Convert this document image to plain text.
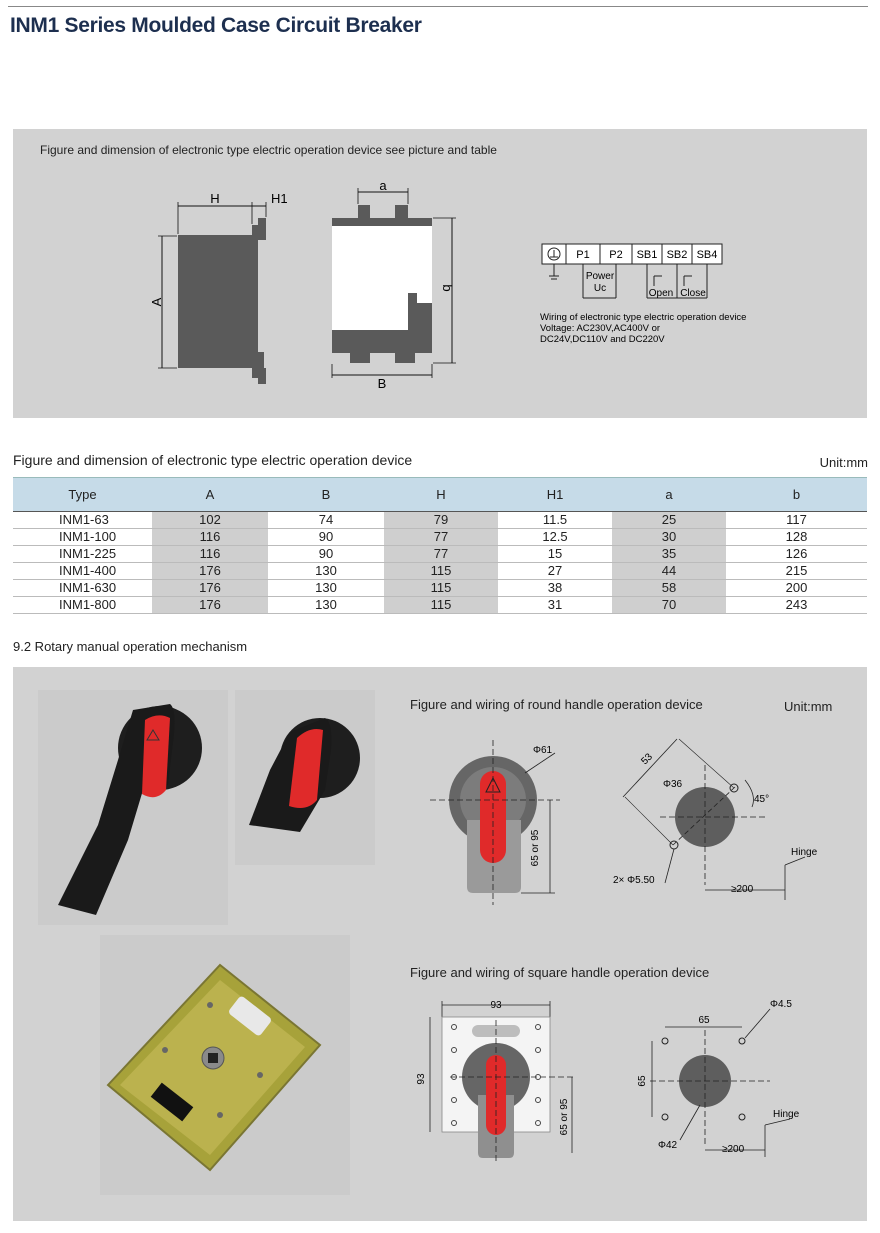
INM1 Series Moulded Case Circuit Breaker
Figure and dimension of electronic type electric operation device see picture and table
H	H1
A
a
b
B
P1 P2 SB1 SB2 SB4
Power
Uc	Open Close
Wiring of electronic type electric operation device
Voltage: AC230V,AC400V or
DC24V,DC110V and DC220V
Figure and dimension of electronic type electric operation device	Unit:mm
Type	A	B	H	H1	a	b
INM1-63	102	74	79	11.5	25	117
INM1-100	116	90	77	12.5	30	128
INM1-225	116	90	77	15	35	126
INM1-400	176	130	115	27	44	215
INM1-630	176	130	115	38	58	200
INM1-800	176	130	115	31	70	243
9.2 Rotary manual operation mechanism
Figure and wiring of round handle operation device	Unit:mm
Φ61
65 or 95
53
Φ36
45°
Hinge
≥200
2× Φ5.50
Figure and wiring of square handle operation device
93
93
65 or 95
65
65
Φ4.5
Hinge
≥200
Φ42
